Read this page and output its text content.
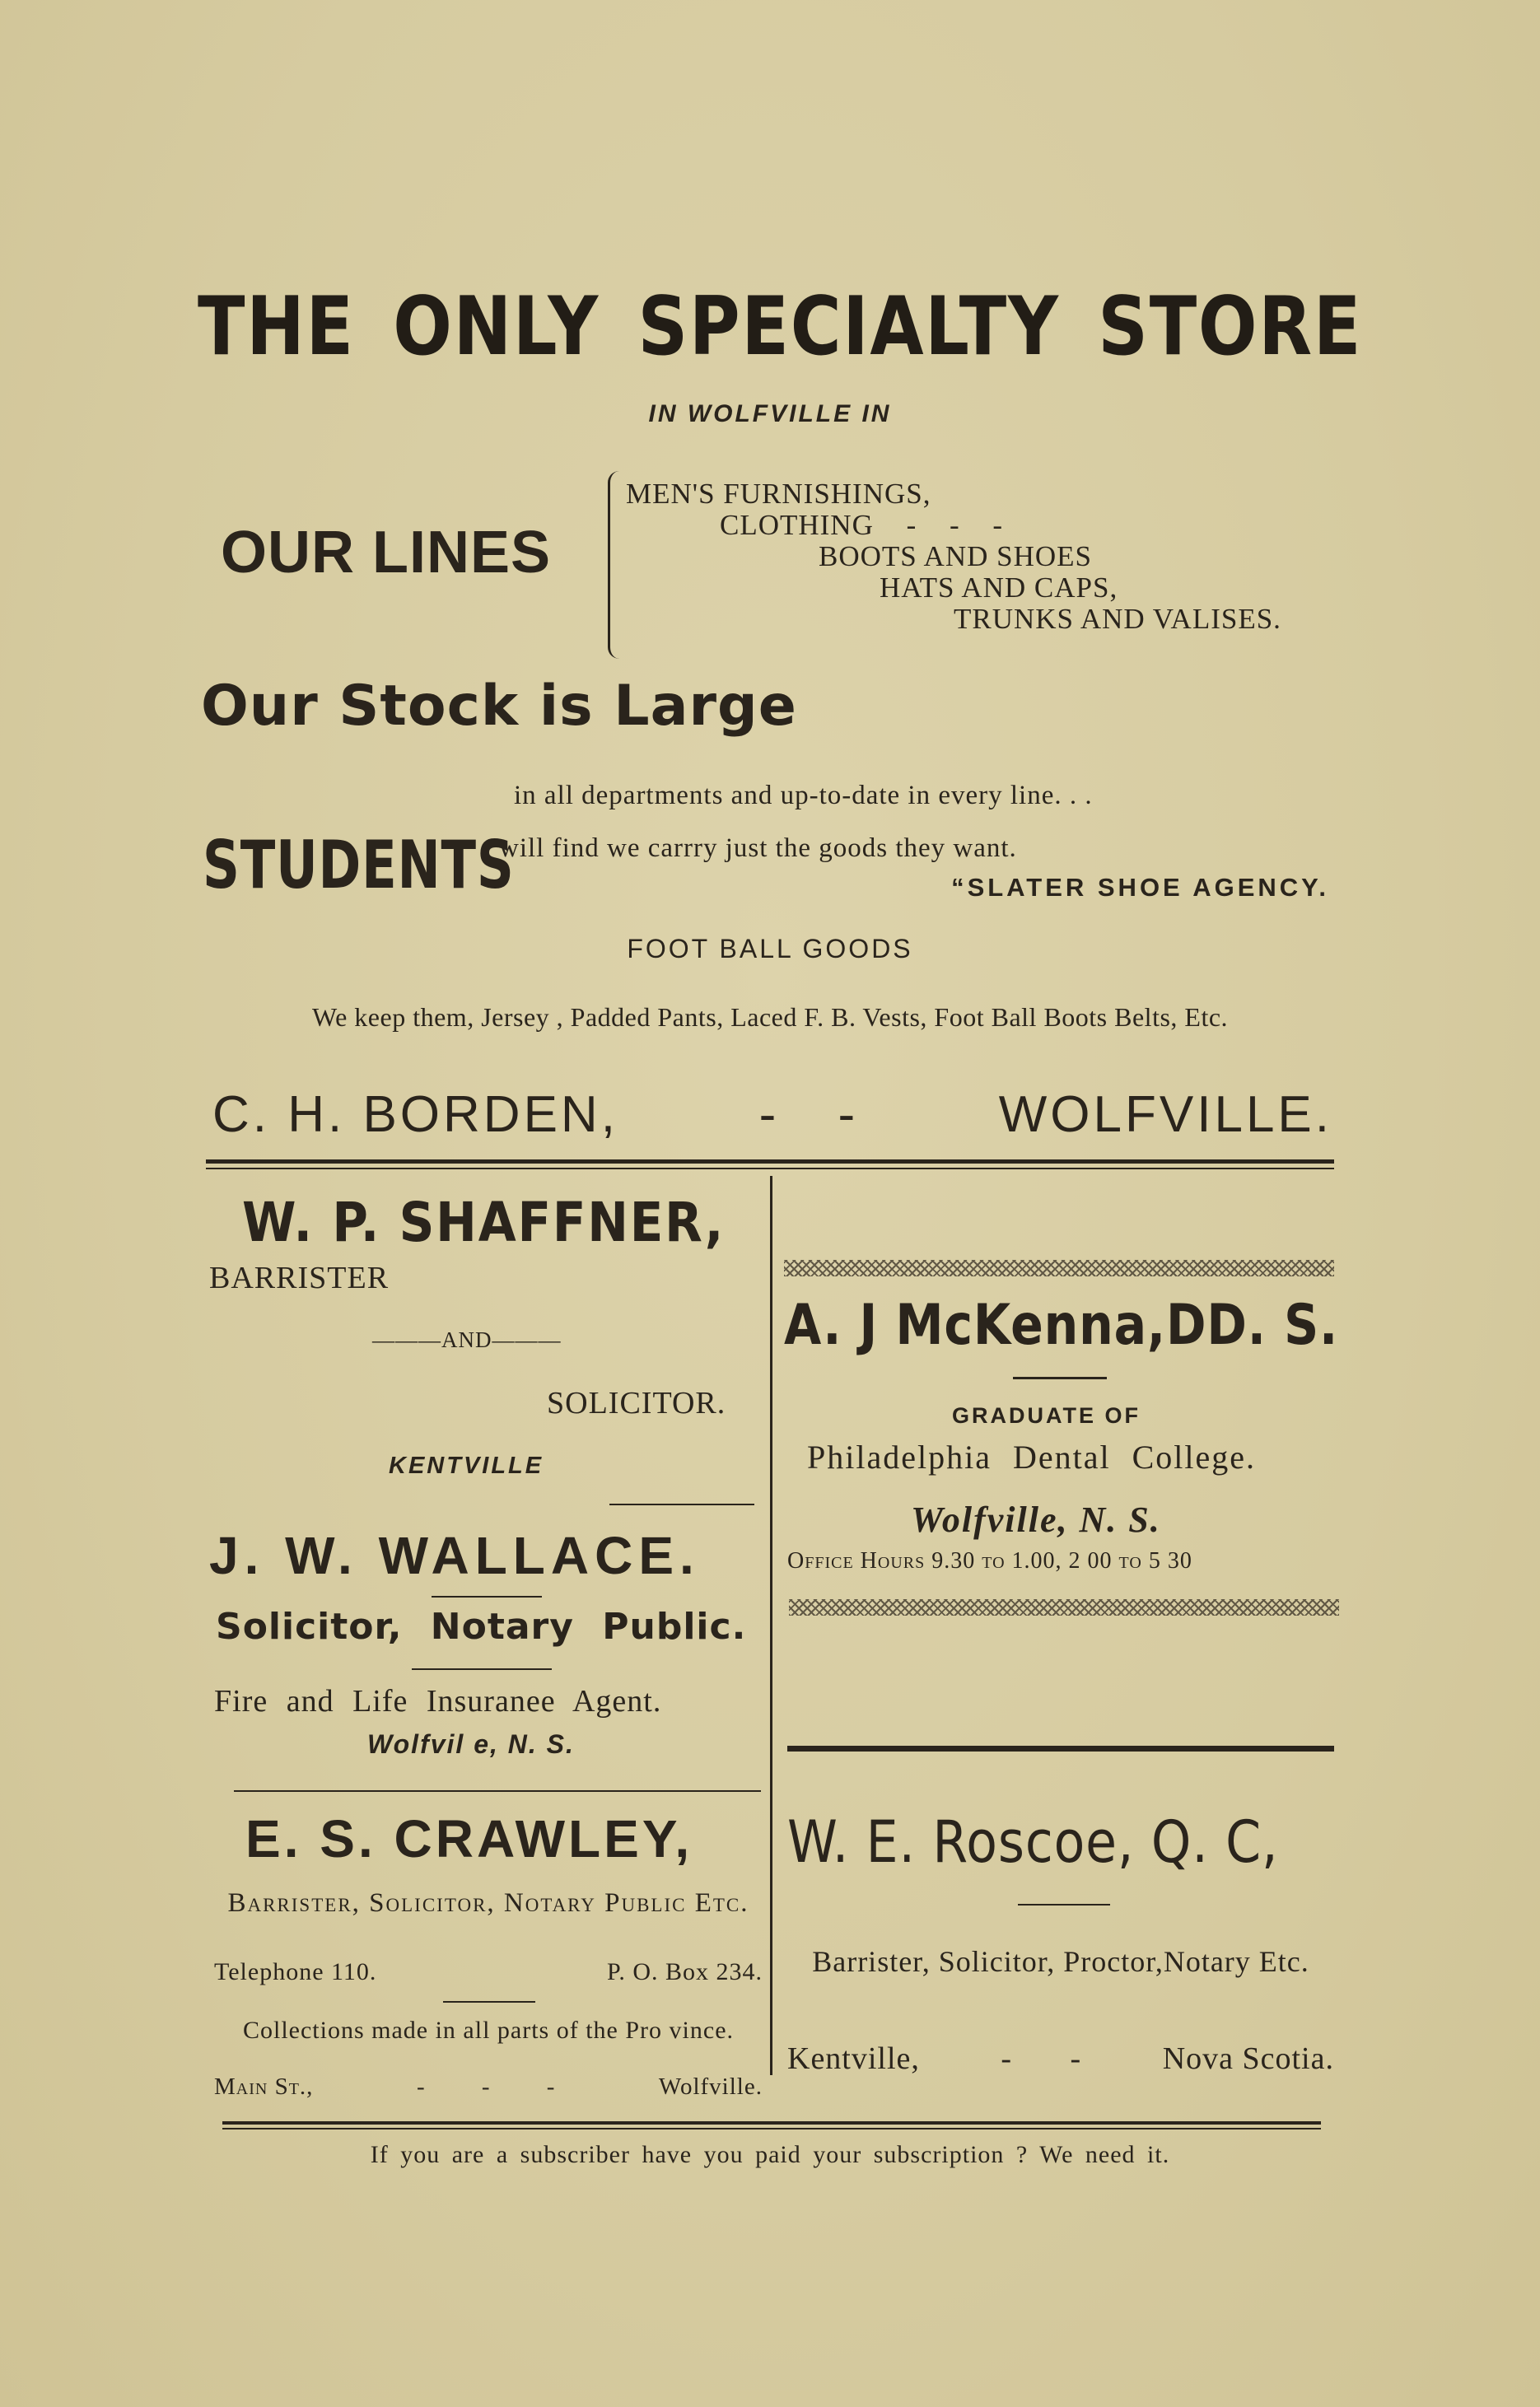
THE ONLY SPECIALTY STORE
IN WOLFVILLE IN
OUR LINES
MEN'S FURNISHINGS,
CLOTHING - - -
BOOTS AND SHOES
HATS AND CAPS,
TRUNKS AND VALISES.
Our Stock is Large
in all departments and up-to-date in every line. . .
STUDENTS
will find we carrry just the goods they want.
“SLATER SHOE AGENCY.
FOOT BALL GOODS
We keep them, Jersey , Padded Pants, Laced F. B. Vests, Foot Ball Boots Belts, Etc.
C. H. BORDEN,	- -	WOLFVILLE.
W. P. SHAFFNER,
BARRISTER
———AND———
SOLICITOR.
KENTVILLE
J. W. WALLACE.
Solicitor, Notary Public.
Fire and Life Insuranee Agent.
Wolfvil e, N. S.
E. S. CRAWLEY,
Barrister, Solicitor, Notary Public Etc.
Telephone 110.	P. O. Box 234.
Collections made in all parts of the Pro vince.
Main St.,	- - -	Wolfville.
A. J McKenna,DD. S.
GRADUATE OF
Philadelphia Dental College.
Wolfville, N. S.
Office Hours 9.30 to 1.00, 2 00 to 5 30
W. E. Roscoe, Q. C,
Barrister, Solicitor, Proctor,Notary Etc.
Kentville,	- -	Nova Scotia.
If you are a subscriber have you paid your subscription ? We need it.
